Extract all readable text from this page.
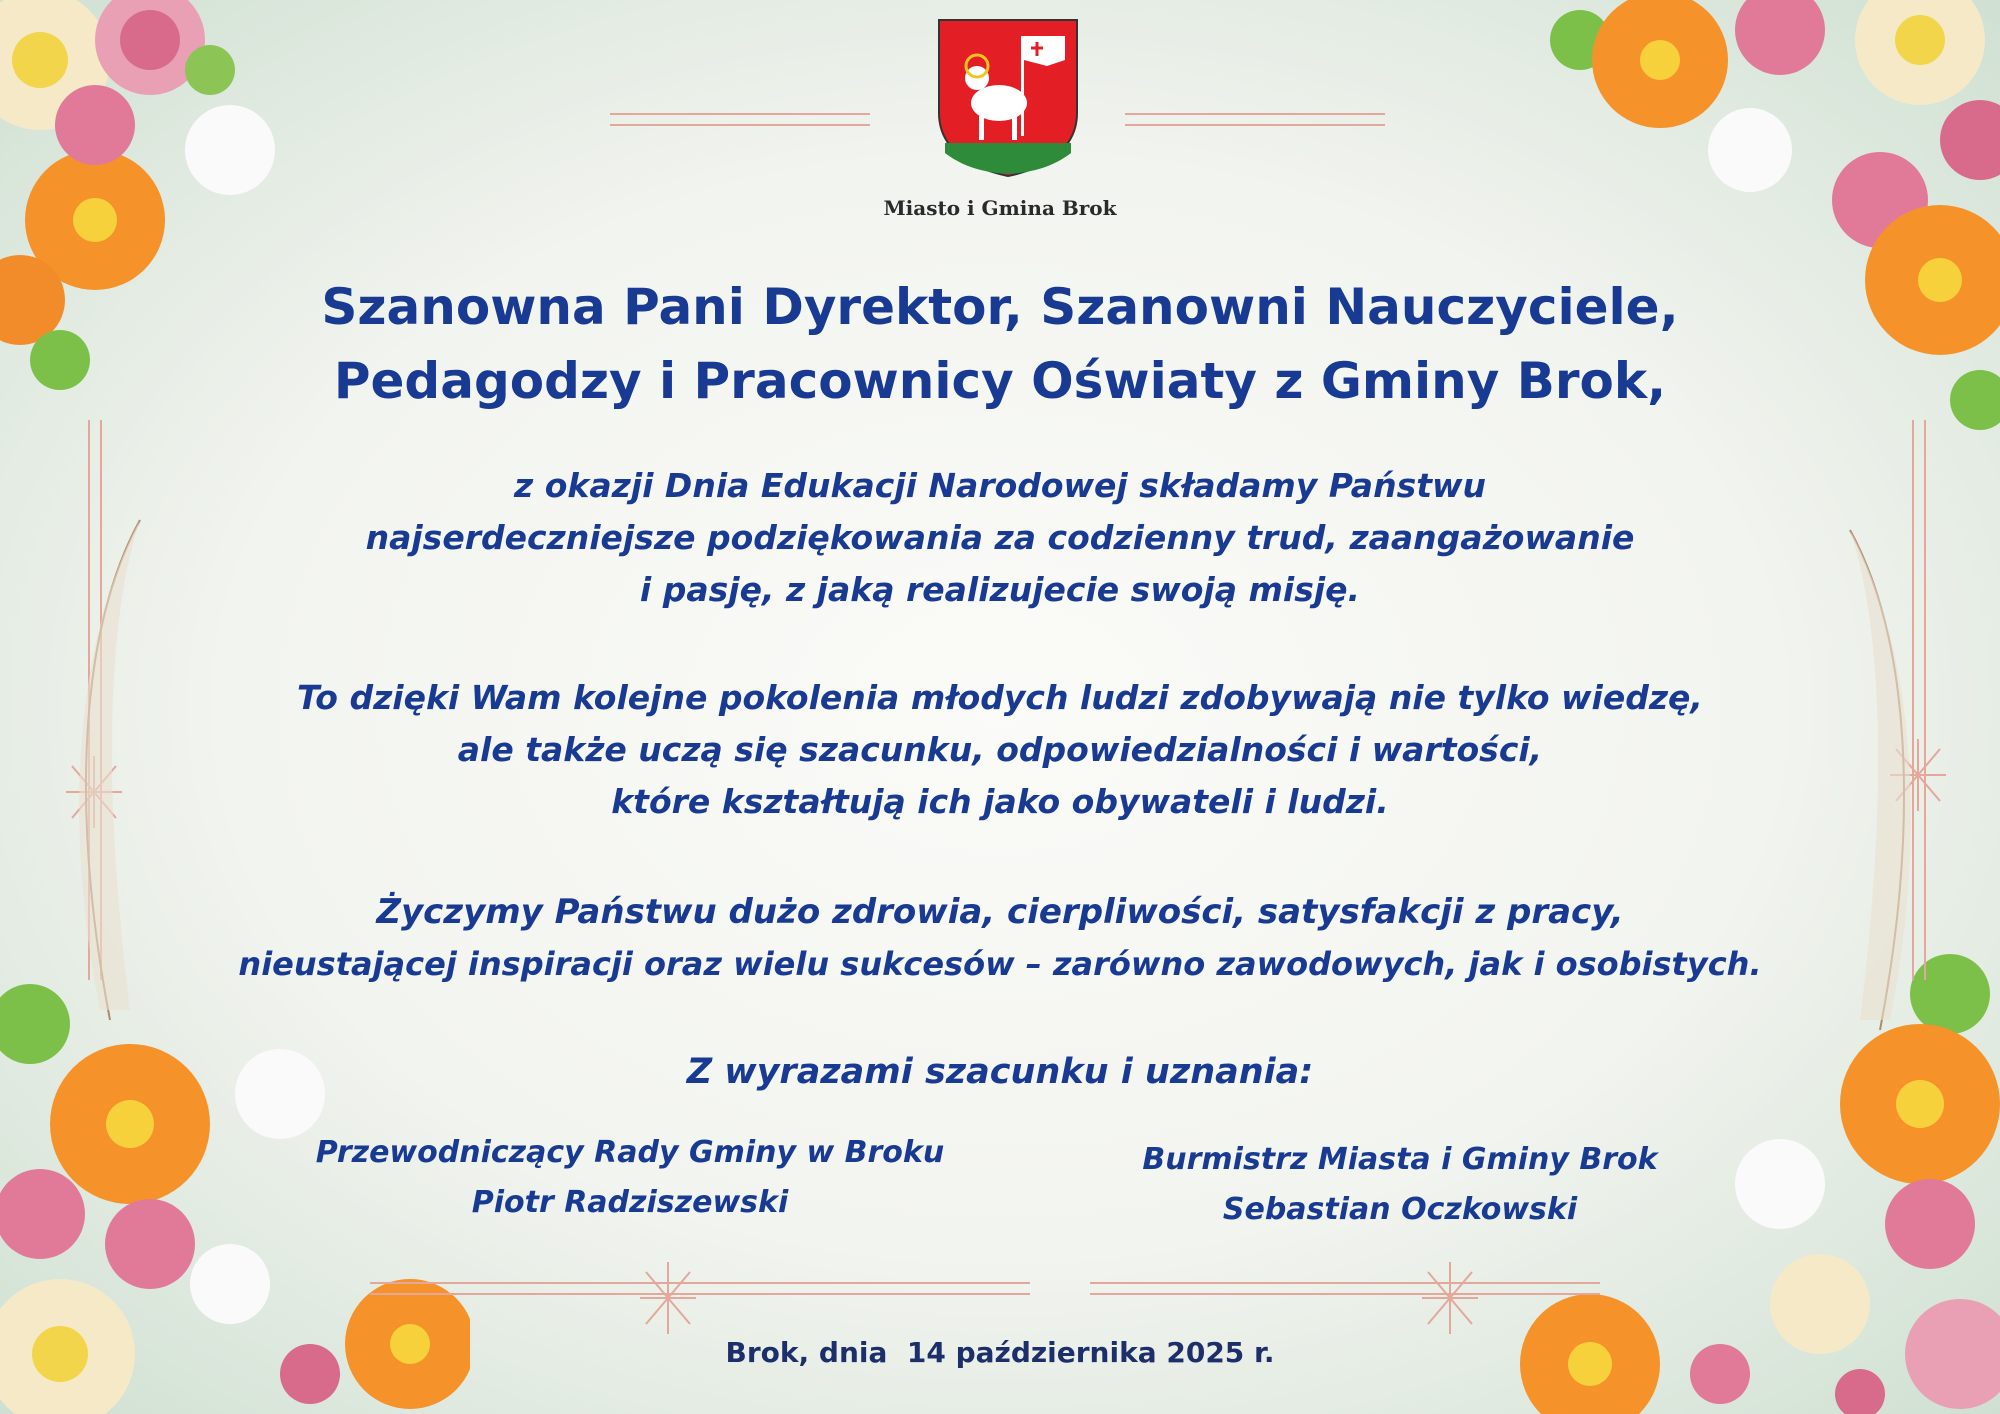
Miasto i Gmina Brok
Szanowna Pani Dyrektor, Szanowni Nauczyciele,
Pedagodzy i Pracownicy Oświaty z Gminy Brok,
z okazji Dnia Edukacji Narodowej składamy Państwu
najserdeczniejsze podziękowania za codzienny trud, zaangażowanie
i pasję, z jaką realizujecie swoją misję.
To dzięki Wam kolejne pokolenia młodych ludzi zdobywają nie tylko wiedzę,
ale także uczą się szacunku, odpowiedzialności i wartości,
które kształtują ich jako obywateli i ludzi.
Życzymy Państwu dużo zdrowia, cierpliwości, satysfakcji z pracy,
nieustającej inspiracji oraz wielu sukcesów – zarówno zawodowych, jak i osobistych.
Z wyrazami szacunku i uznania:
Przewodniczący Rady Gminy w Broku
Piotr Radziszewski
Burmistrz Miasta i Gminy Brok
Sebastian Oczkowski
Brok, dnia  14 października 2025 r.
